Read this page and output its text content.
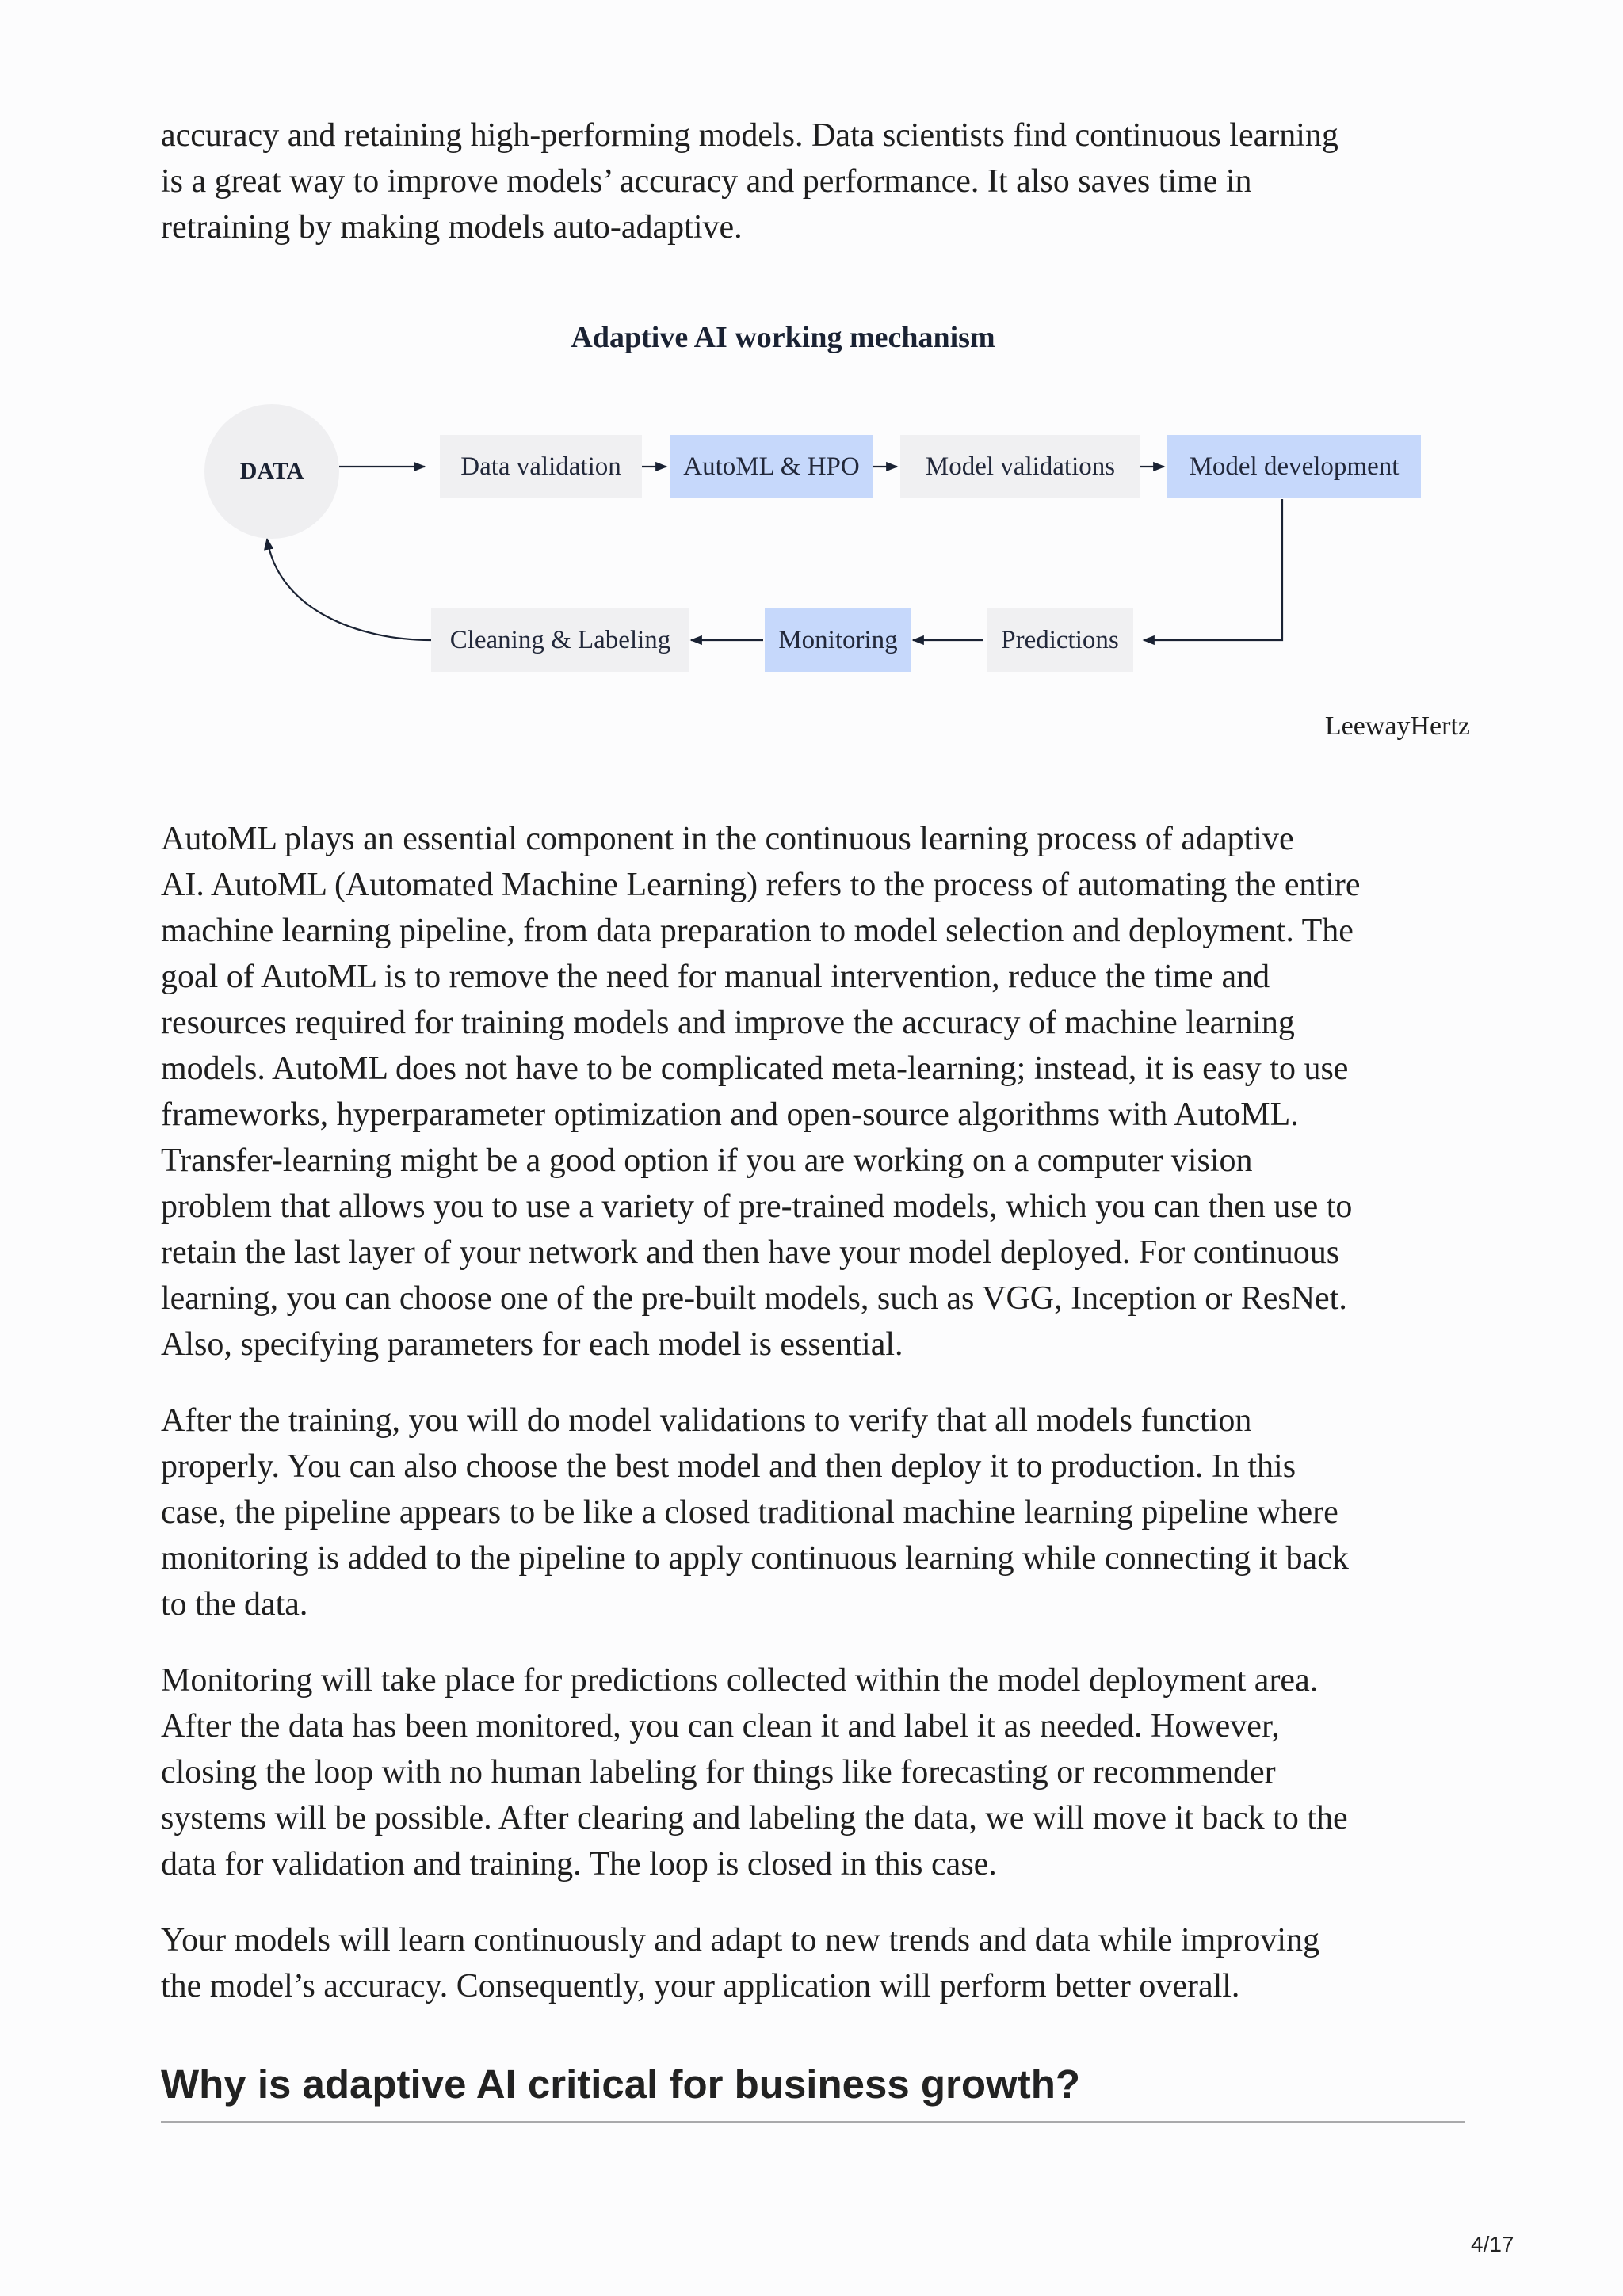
accuracy and retaining high-performing models. Data scientists find continuous learning
is a great way to improve models’ accuracy and performance. It also saves time in
retraining by making models auto-adaptive.

Adaptive AI working mechanism
DATA	Data validation	AutoML & HPO	Model validations	Model development
Predictions
Monitoring
Cleaning & Labeling
LeewayHertz

AutoML plays an essential component in the continuous learning process of adaptive
AI. AutoML (Automated Machine Learning) refers to the process of automating the entire
machine learning pipeline, from data preparation to model selection and deployment. The
goal of AutoML is to remove the need for manual intervention, reduce the time and
resources required for training models and improve the accuracy of machine learning
models. AutoML does not have to be complicated meta-learning; instead, it is easy to use
frameworks, hyperparameter optimization and open-source algorithms with AutoML.
Transfer-learning might be a good option if you are working on a computer vision
problem that allows you to use a variety of pre-trained models, which you can then use to
retain the last layer of your network and then have your model deployed. For continuous
learning, you can choose one of the pre-built models, such as VGG, Inception or ResNet.
Also, specifying parameters for each model is essential.

After the training, you will do model validations to verify that all models function
properly. You can also choose the best model and then deploy it to production. In this
case, the pipeline appears to be like a closed traditional machine learning pipeline where
monitoring is added to the pipeline to apply continuous learning while connecting it back
to the data.

Monitoring will take place for predictions collected within the model deployment area.
After the data has been monitored, you can clean it and label it as needed. However,
closing the loop with no human labeling for things like forecasting or recommender
systems will be possible. After clearing and labeling the data, we will move it back to the
data for validation and training. The loop is closed in this case.

Your models will learn continuously and adapt to new trends and data while improving
the model’s accuracy. Consequently, your application will perform better overall.

Why is adaptive AI critical for business growth?
4/17
